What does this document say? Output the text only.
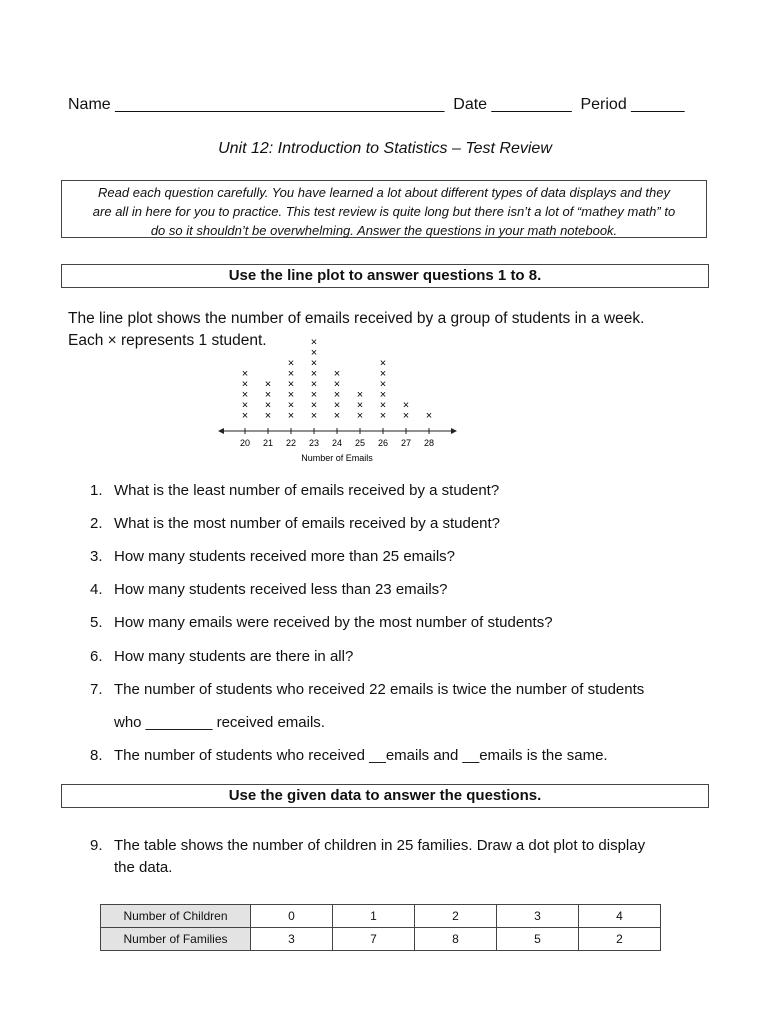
Name _____________________________________  Date _________  Period ______
Unit 12: Introduction to Statistics – Test Review
Read each question carefully. You have learned a lot about different types of data displays and they
are all in here for you to practice. This test review is quite long but there isn’t a lot of “mathey math” to
do so it shouldn’t be overwhelming. Answer the questions in your math notebook.
Use the line plot to answer questions 1 to 8.
The line plot shows the number of emails received by a group of students in a week.
Each × represents 1 student.
×
×
×
×
×
×
×
×
×
×
×
×
×
×
×
×
×
×
×
×
×
×
×
×
×
×
×
×
×
×
×
×
×
×
×
×
×
×
×
×
20 21 22 23 24 25 26 27 28
Number of Emails
1. What is the least number of emails received by a student?
2. What is the most number of emails received by a student?
3. How many students received more than 25 emails?
4. How many students received less than 23 emails?
5. How many emails were received by the most number of students?
6. How many students are there in all?
7. The number of students who received 22 emails is twice the number of students
who ________ received emails.
8. The number of students who received __emails and __emails is the same.
Use the given data to answer the questions.
9. The table shows the number of children in 25 families. Draw a dot plot to display
the data.
Number of Children	0	1	2	3	4
Number of Families	3	7	8	5	2
